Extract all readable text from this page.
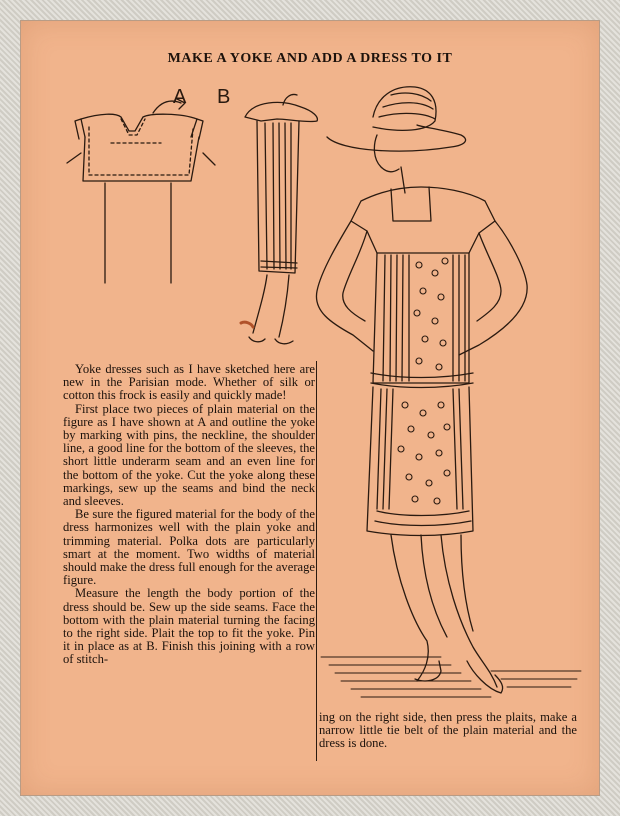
MAKE A YOKE AND ADD A DRESS TO IT
A B

Yoke dresses such as I have sketched here are new in the Parisian mode. Whether of silk or cotton this frock is easily and quickly made!

First place two pieces of plain material on the figure as I have shown at A and outline the yoke by marking with pins, the neckline, the shoulder line, a good line for the bottom of the sleeves, the short little underarm seam and an even line for the bottom of the yoke. Cut the yoke along these markings, sew up the seams and bind the neck and sleeves.

Be sure the figured material for the body of the dress harmonizes well with the plain yoke and trimming material. Polka dots are particularly smart at the moment. Two widths of material should make the dress full enough for the average figure.

Measure the length the body portion of the dress should be. Sew up the side seams. Face the bottom with the plain material turning the facing to the right side. Plait the top to fit the yoke. Pin it in place as at B. Finish this joining with a row of stitch-

ing on the right side, then press the plaits, make a narrow little tie belt of the plain material and the dress is done.
